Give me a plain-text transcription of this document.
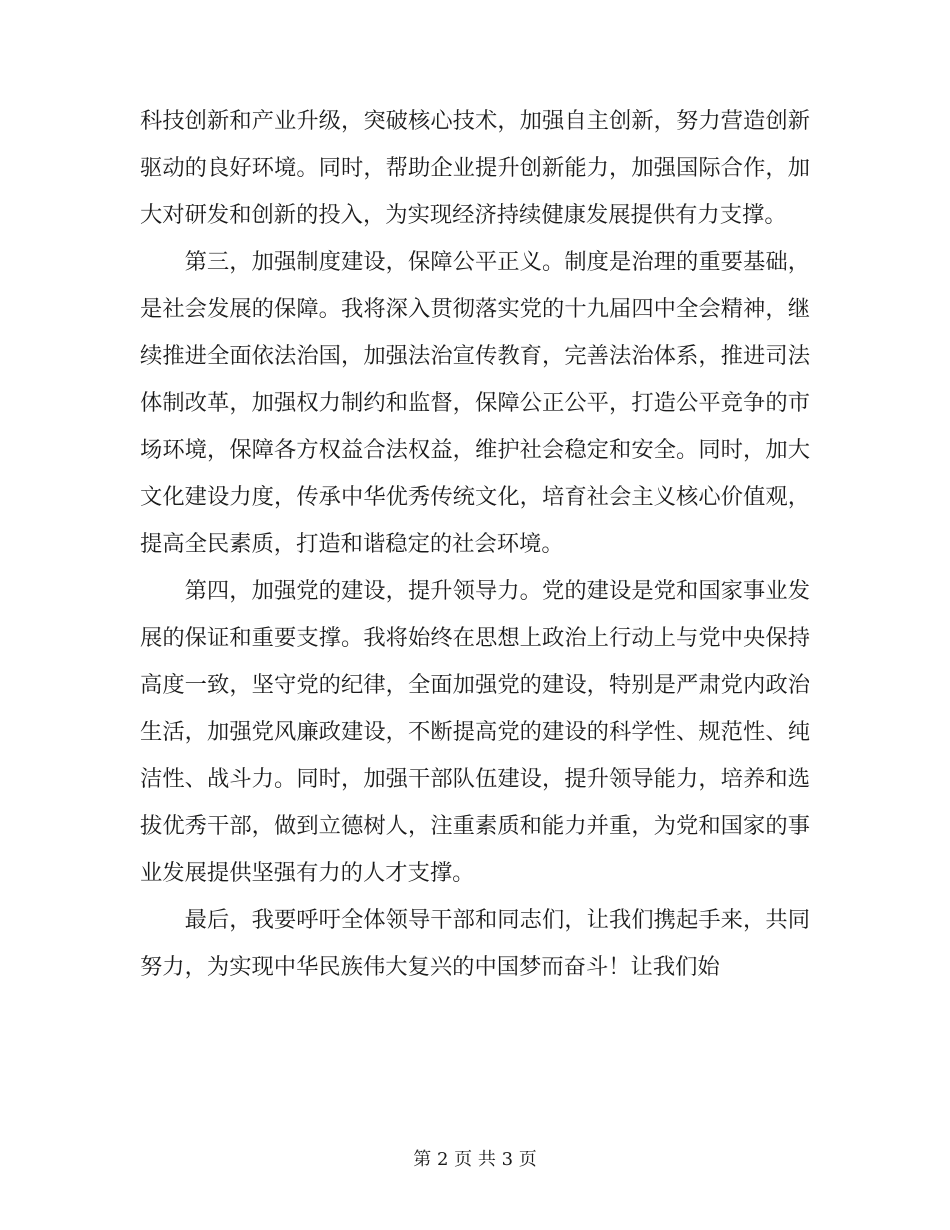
科技创新和产业升级，突破核心技术，加强自主创新，努力营造创新驱动的良好环境。同时，帮助企业提升创新能力，加强国际合作，加大对研发和创新的投入，为实现经济持续健康发展提供有力支撑。

第三，加强制度建设，保障公平正义。制度是治理的重要基础，是社会发展的保障。我将深入贯彻落实党的十九届四中全会精神，继续推进全面依法治国，加强法治宣传教育，完善法治体系，推进司法体制改革，加强权力制约和监督，保障公正公平，打造公平竞争的市场环境，保障各方权益合法权益，维护社会稳定和安全。同时，加大文化建设力度，传承中华优秀传统文化，培育社会主义核心价值观，提高全民素质，打造和谐稳定的社会环境。

第四，加强党的建设，提升领导力。党的建设是党和国家事业发展的保证和重要支撑。我将始终在思想上政治上行动上与党中央保持高度一致，坚守党的纪律，全面加强党的建设，特别是严肃党内政治生活，加强党风廉政建设，不断提高党的建设的科学性、规范性、纯洁性、战斗力。同时，加强干部队伍建设，提升领导能力，培养和选拔优秀干部，做到立德树人，注重素质和能力并重，为党和国家的事业发展提供坚强有力的人才支撑。

最后，我要呼吁全体领导干部和同志们，让我们携起手来，共同努力，为实现中华民族伟大复兴的中国梦而奋斗！让我们始

第 2 页 共 3 页
